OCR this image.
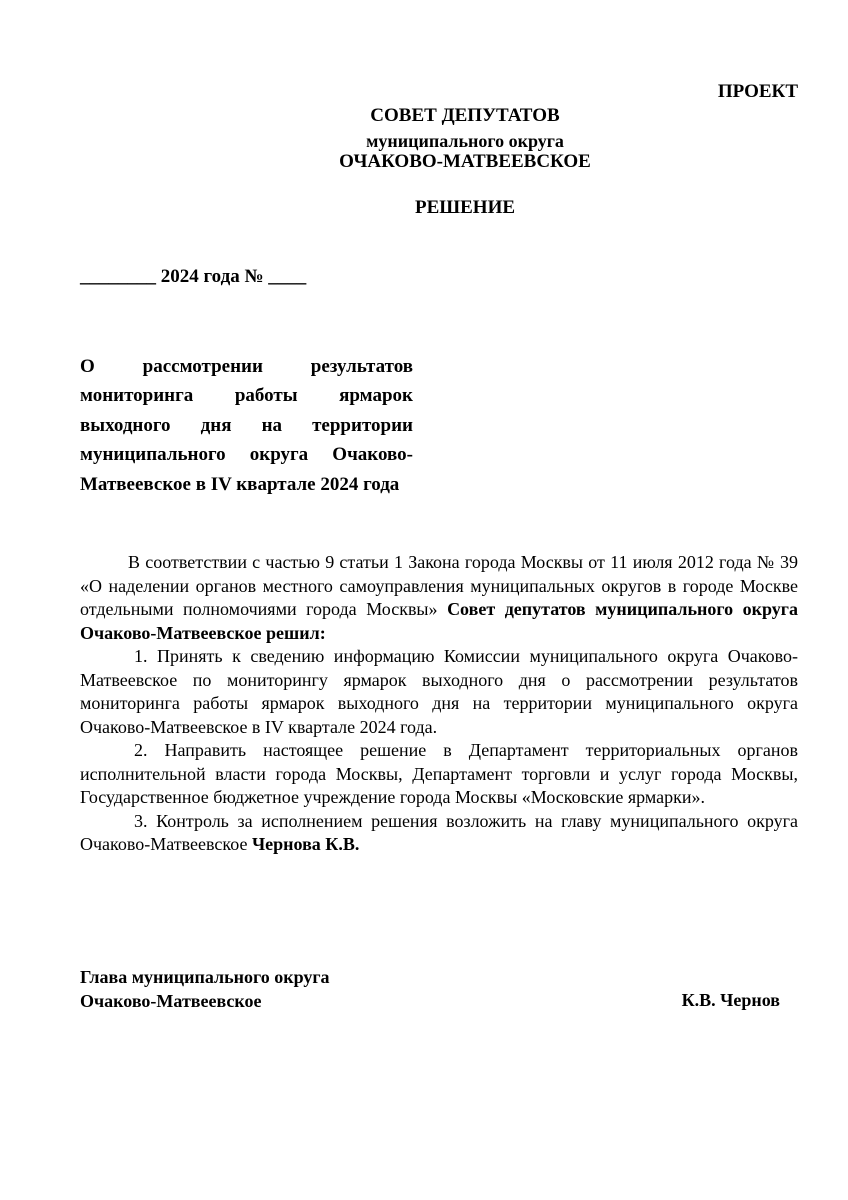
ПРОЕКТ
СОВЕТ ДЕПУТАТОВ
муниципального округа
ОЧАКОВО-МАТВЕЕВСКОЕ
РЕШЕНИЕ
________ 2024 года № ____
О рассмотрении результатов мониторинга работы ярмарок выходного дня на территории муниципального округа Очаково-Матвеевское в IV квартале 2024 года

В соответствии с частью 9 статьи 1 Закона города Москвы от 11 июля 2012 года № 39 «О наделении органов местного самоуправления муниципальных округов в городе Москве отдельными полномочиями города Москвы» Совет депутатов муниципального округа Очаково-Матвеевское решил:

1. Принять к сведению информацию Комиссии муниципального округа Очаково-Матвеевское по мониторингу ярмарок выходного дня о рассмотрении результатов мониторинга работы ярмарок выходного дня на территории муниципального округа Очаково-Матвеевское в IV квартале 2024 года.

2. Направить настоящее решение в Департамент территориальных органов исполнительной власти города Москвы, Департамент торговли и услуг города Москвы, Государственное бюджетное учреждение города Москвы «Московские ярмарки».

3. Контроль за исполнением решения возложить на главу муниципального округа Очаково-Матвеевское Чернова К.В.

Глава муниципального округа
Очаково-Матвеевское	К.В. Чернов
